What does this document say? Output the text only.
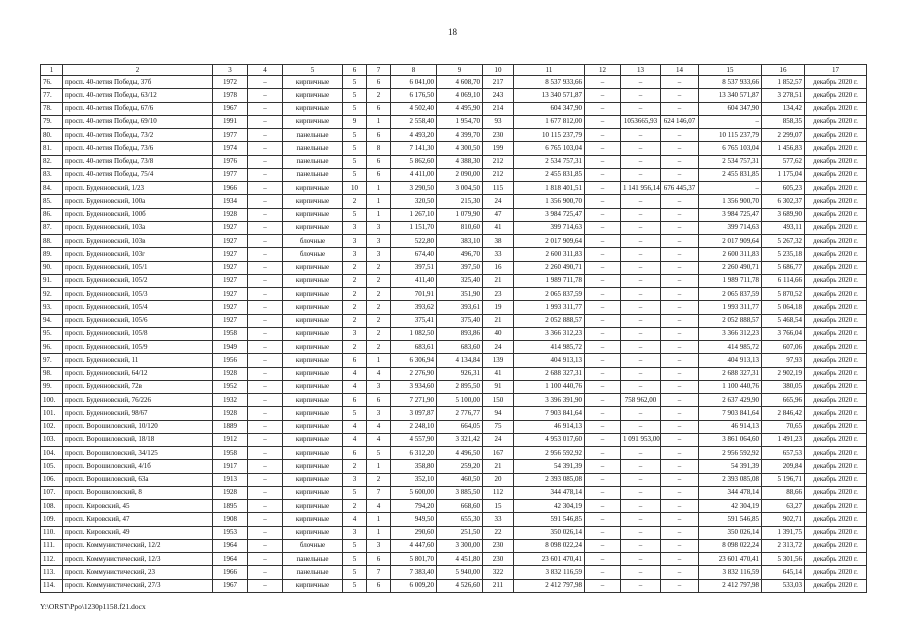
18
1	2	3	4	5	6	7	8	9	10	11	12	13	14	15	16	17
76.	просп. 40-летия Победы, 37б	1972	–	кирпичные	5	6	6 041,00	4 608,70	217	8 537 933,66	–	–	–	8 537 933,66	1 852,57	декабрь 2020 г.
77.	просп. 40-летия Победы, 63/12	1978	–	кирпичные	5	2	6 176,50	4 069,10	243	13 340 571,87	–	–	–	13 340 571,87	3 278,51	декабрь 2020 г.
78.	просп. 40-летия Победы, 67/6	1967	–	кирпичные	5	6	4 502,40	4 495,90	214	604 347,90	–	–	–	604 347,90	134,42	декабрь 2020 г.
79.	просп. 40-летия Победы, 69/10	1991	–	кирпичные	9	1	2 558,40	1 954,70	93	1 677 812,00	–	1053665,93	624 146,07	–	858,35	декабрь 2020 г.
80.	просп. 40-летия Победы, 73/2	1977	–	панельные	5	6	4 493,20	4 399,70	230	10 115 237,79	–	–	–	10 115 237,79	2 299,07	декабрь 2020 г.
81.	просп. 40-летия Победы, 73/6	1974	–	панельные	5	8	7 141,30	4 300,50	199	6 765 103,04	–	–	–	6 765 103,04	1 456,83	декабрь 2020 г.
82.	просп. 40-летия Победы, 73/8	1976	–	панельные	5	6	5 862,60	4 388,30	212	2 534 757,31	–	–	–	2 534 757,31	577,62	декабрь 2020 г.
83.	просп. 40-летия Победы, 75/4	1977	–	панельные	5	6	4 411,00	2 090,00	212	2 455 831,85	–	–	–	2 455 831,85	1 175,04	декабрь 2020 г.
84.	просп. Буденновский, 1/23	1966	–	кирпичные	10	1	3 290,50	3 004,50	115	1 818 401,51	–	1 141 956,14	676 445,37	–	605,23	декабрь 2020 г.
85.	просп. Буденновский, 100а	1934	–	кирпичные	2	1	320,50	215,30	24	1 356 900,70	–	–	–	1 356 900,70	6 302,37	декабрь 2020 г.
86.	просп. Буденновский, 100б	1928	–	кирпичные	5	1	1 267,10	1 079,90	47	3 984 725,47	–	–	–	3 984 725,47	3 689,90	декабрь 2020 г.
87.	просп. Буденновский, 103а	1927	–	кирпичные	3	3	1 151,70	810,60	41	399 714,63	–	–	–	399 714,63	493,11	декабрь 2020 г.
88.	просп. Буденновский, 103в	1927	–	блочные	3	3	522,80	383,10	38	2 017 909,64	–	–	–	2 017 909,64	5 267,32	декабрь 2020 г.
89.	просп. Буденновский, 103г	1927	–	блочные	3	3	674,40	496,70	33	2 600 311,83	–	–	–	2 600 311,83	5 235,18	декабрь 2020 г.
90.	просп. Буденновский, 105/1	1927	–	кирпичные	2	2	397,51	397,50	16	2 260 490,71	–	–	–	2 260 490,71	5 686,77	декабрь 2020 г.
91.	просп. Буденновский, 105/2	1927	–	кирпичные	2	2	411,40	325,40	21	1 989 711,78	–	–	–	1 989 711,78	6 114,66	декабрь 2020 г.
92.	просп. Буденновский, 105/3	1927	–	кирпичные	2	2	701,91	351,90	23	2 065 837,59	–	–	–	2 065 837,59	5 870,52	декабрь 2020 г.
93.	просп. Буденновский, 105/4	1927	–	кирпичные	2	2	393,62	393,61	19	1 993 311,77	–	–	–	1 993 311,77	5 064,18	декабрь 2020 г.
94.	просп. Буденновский, 105/6	1927	–	кирпичные	2	2	375,41	375,40	21	2 052 888,57	–	–	–	2 052 888,57	5 468,54	декабрь 2020 г.
95.	просп. Буденновский, 105/8	1958	–	кирпичные	3	2	1 082,50	893,86	40	3 366 312,23	–	–	–	3 366 312,23	3 766,04	декабрь 2020 г.
96.	просп. Буденновский, 105/9	1949	–	кирпичные	2	2	683,61	683,60	24	414 985,72	–	–	–	414 985,72	607,06	декабрь 2020 г.
97.	просп. Буденновский, 11	1956	–	кирпичные	6	1	6 306,94	4 134,84	139	404 913,13	–	–	–	404 913,13	97,93	декабрь 2020 г.
98.	просп. Буденновский, 64/12	1928	–	кирпичные	4	4	2 276,90	926,31	41	2 688 327,31	–	–	–	2 688 327,31	2 902,19	декабрь 2020 г.
99.	просп. Буденновский, 72в	1952	–	кирпичные	4	3	3 934,60	2 895,50	91	1 100 440,76	–	–	–	1 100 440,76	380,05	декабрь 2020 г.
100.	просп. Буденновский, 76/226	1932	–	кирпичные	6	6	7 271,90	5 100,00	150	3 396 391,90	–	758 962,00	–	2 637 429,90	665,96	декабрь 2020 г.
101.	просп. Буденновский, 98/67	1928	–	кирпичные	5	3	3 097,87	2 776,77	94	7 903 841,64	–	–	–	7 903 841,64	2 846,42	декабрь 2020 г.
102.	просп. Ворошиловский, 10/120	1889	–	кирпичные	4	4	2 248,10	664,05	75	46 914,13	–	–	–	46 914,13	70,65	декабрь 2020 г.
103.	просп. Ворошиловский, 18/18	1912	–	кирпичные	4	4	4 557,90	3 321,42	24	4 953 017,60	–	1 091 953,00	–	3 861 064,60	1 491,23	декабрь 2020 г.
104.	просп. Ворошиловский, 34/125	1958	–	кирпичные	6	5	6 312,20	4 496,50	167	2 956 592,92	–	–	–	2 956 592,92	657,53	декабрь 2020 г.
105.	просп. Ворошиловский, 4/1б	1917	–	кирпичные	2	1	358,80	259,20	21	54 391,39	–	–	–	54 391,39	209,84	декабрь 2020 г.
106.	просп. Ворошиловский, 63а	1913	–	кирпичные	3	2	352,10	460,50	20	2 393 085,08	–	–	–	2 393 085,08	5 196,71	декабрь 2020 г.
107.	просп. Ворошиловский, 8	1928	–	кирпичные	5	7	5 600,00	3 885,50	112	344 478,14	–	–	–	344 478,14	88,66	декабрь 2020 г.
108.	просп. Кировский, 45	1895	–	кирпичные	2	4	794,20	668,60	15	42 304,19	–	–	–	42 304,19	63,27	декабрь 2020 г.
109.	просп. Кировский, 47	1908	–	кирпичные	4	1	949,50	655,30	33	591 546,85	–	–	–	591 546,85	902,71	декабрь 2020 г.
110.	просп. Кировский, 49	1953	–	кирпичные	3	1	290,60	251,50	22	350 026,14	–	–	–	350 026,14	1 391,75	декабрь 2020 г.
111.	просп. Коммунистический, 12/2	1964	–	блочные	5	3	4 447,60	3 300,00	230	8 098 022,24	–	–	–	8 098 022,24	2 313,72	декабрь 2020 г.
112.	просп. Коммунистический, 12/3	1964	–	панельные	5	6	5 801,70	4 451,80	230	23 601 470,41	–	–	–	23 601 470,41	5 301,56	декабрь 2020 г.
113.	просп. Коммунистический, 23	1966	–	панельные	5	7	7 383,40	5 940,00	322	3 832 116,59	–	–	–	3 832 116,59	645,14	декабрь 2020 г.
114.	просп. Коммунистический, 27/3	1967	–	кирпичные	5	6	6 009,20	4 526,60	211	2 412 797,98	–	–	–	2 412 797,98	533,03	декабрь 2020 г.
Y:\ORST\Ppo\1230p1158.f21.docx
